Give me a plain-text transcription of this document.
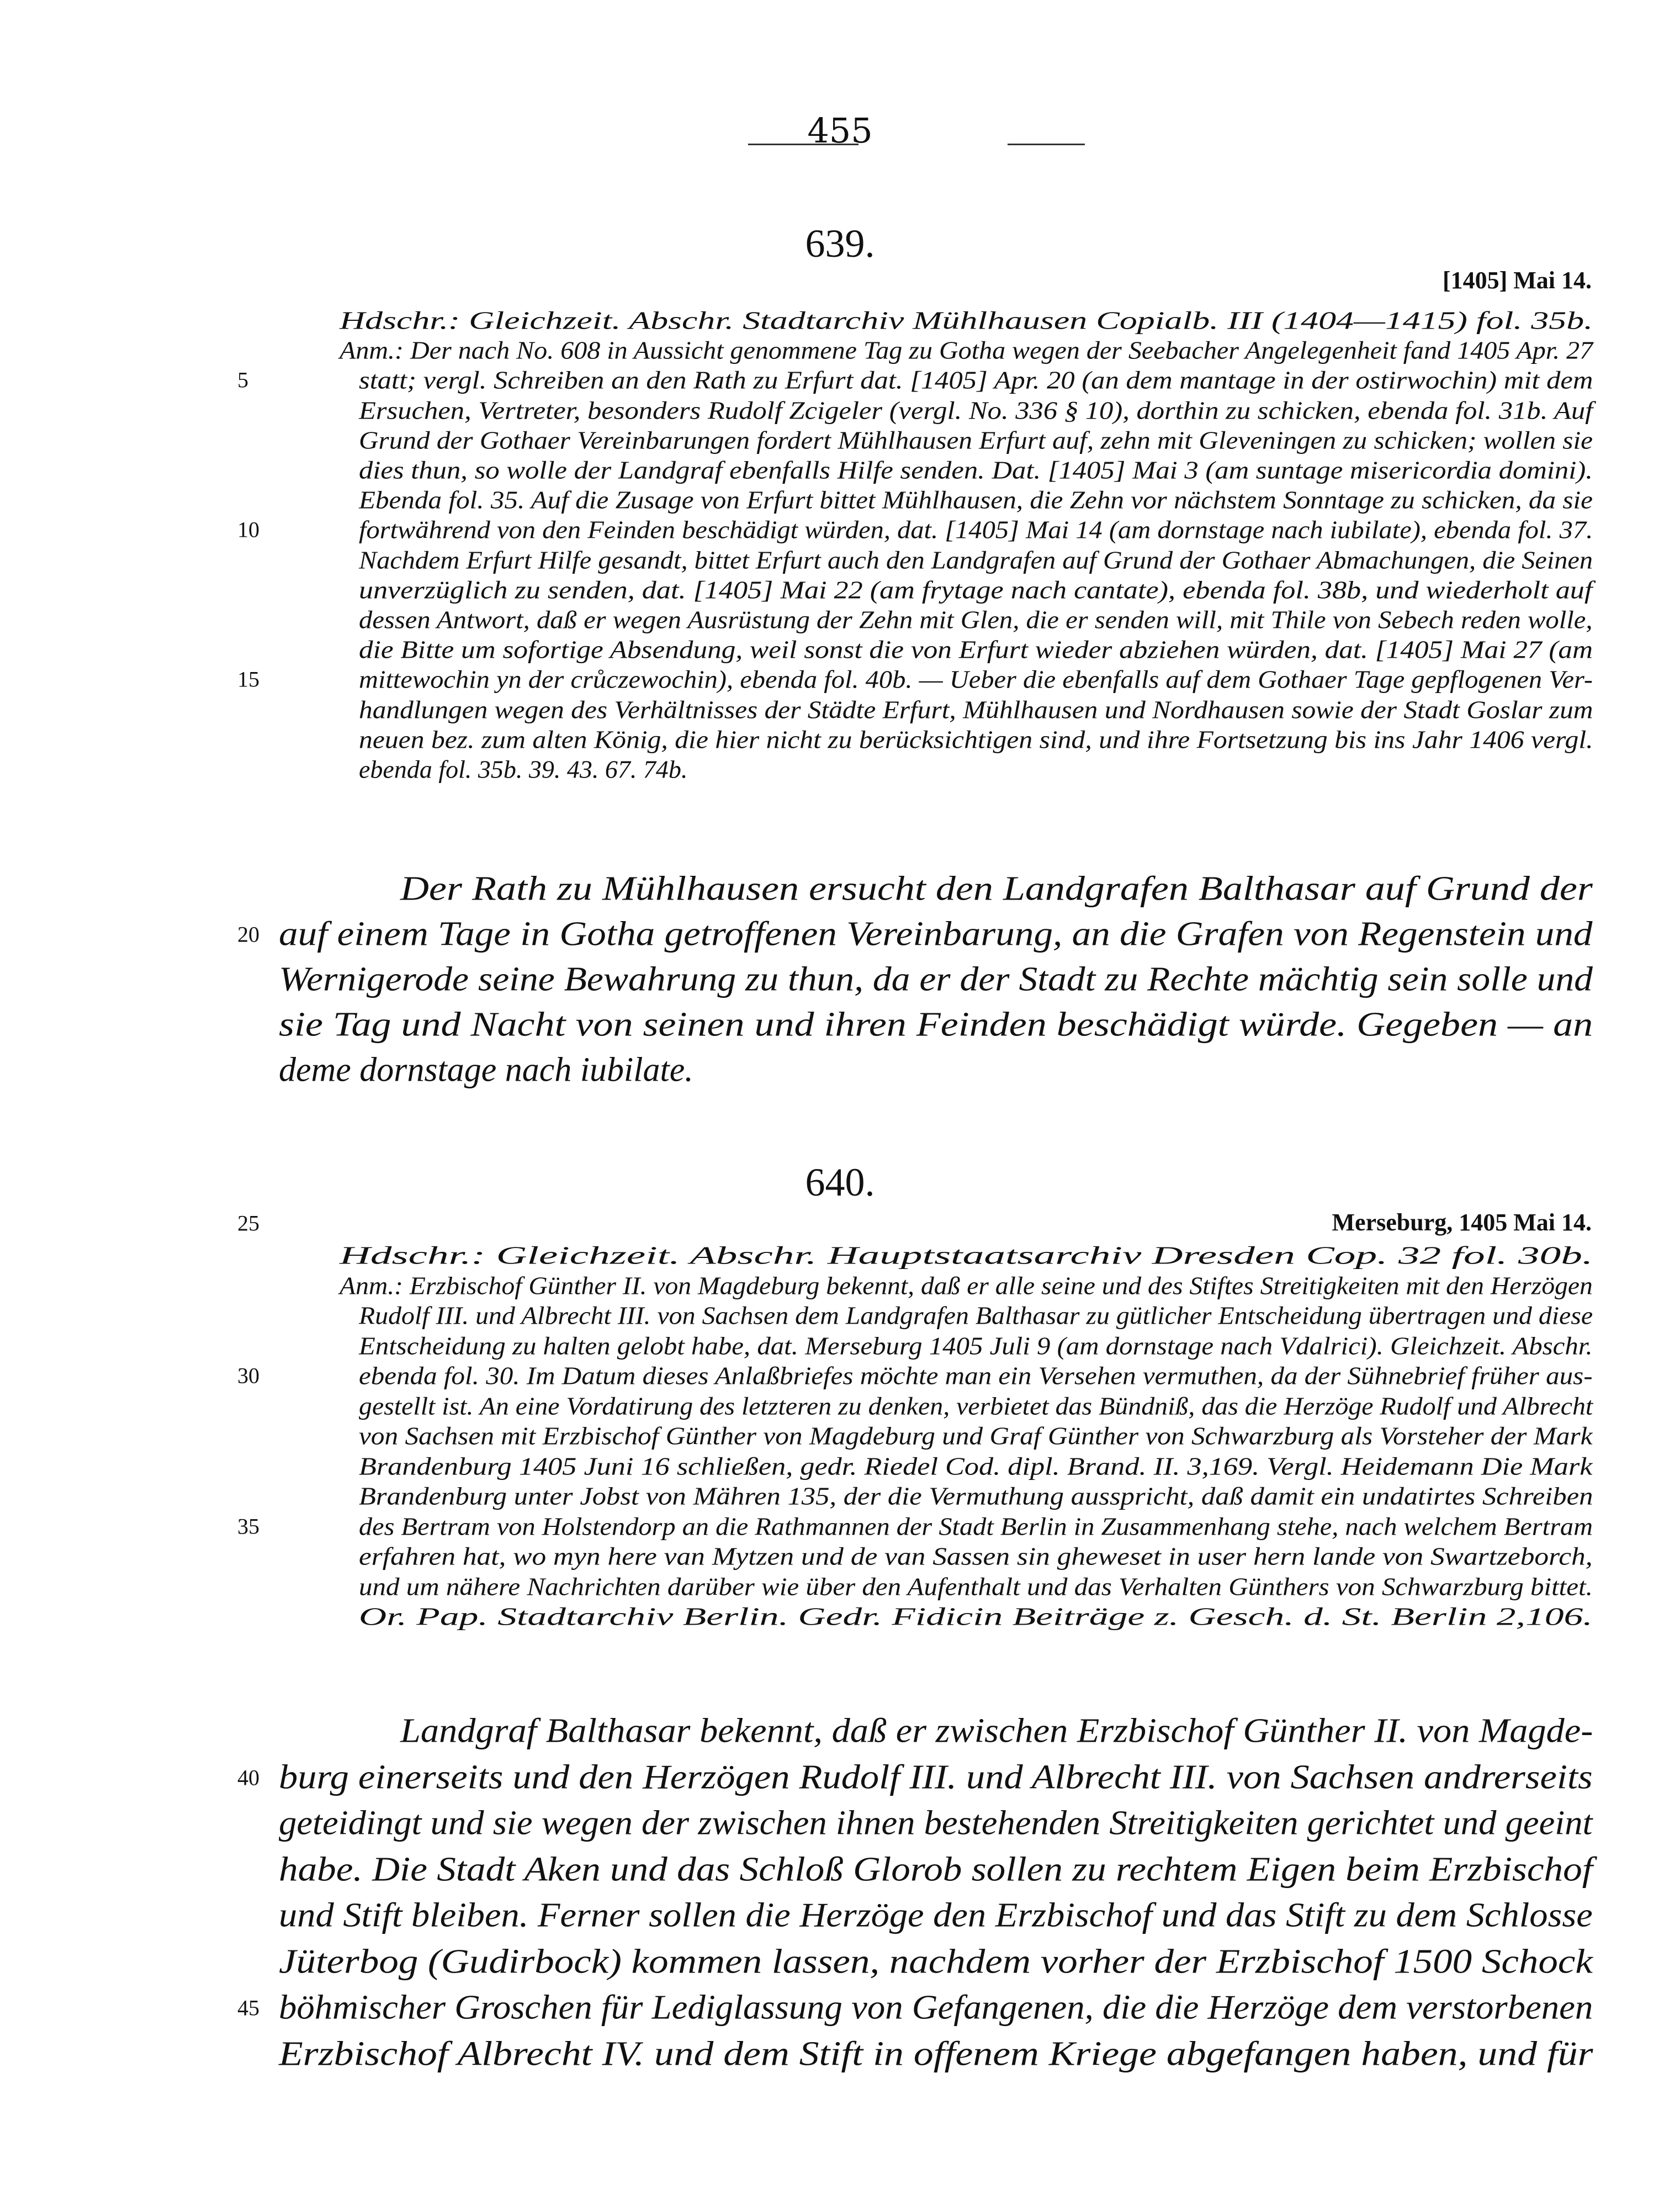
455
639.
[1405] Mai 14.
Hdschr.: Gleichzeit. Abschr. Stadtarchiv Mühlhausen Copialb. III (1404—1415) fol. 35b.
Anm.: Der nach No. 608 in Aussicht genommene Tag zu Gotha wegen der Seebacher Angelegenheit fand 1405 Apr. 27
5	statt; vergl. Schreiben an den Rath zu Erfurt dat. [1405] Apr. 20 (an dem mantage in der ostirwochin) mit dem
Ersuchen, Vertreter, besonders Rudolf Zcigeler (vergl. No. 336 § 10), dorthin zu schicken, ebenda fol. 31b. Auf
Grund der Gothaer Vereinbarungen fordert Mühlhausen Erfurt auf, zehn mit Gleveningen zu schicken; wollen sie
dies thun, so wolle der Landgraf ebenfalls Hilfe senden. Dat. [1405] Mai 3 (am suntage misericordia domini).
Ebenda fol. 35. Auf die Zusage von Erfurt bittet Mühlhausen, die Zehn vor nächstem Sonntage zu schicken, da sie
10	fortwährend von den Feinden beschädigt würden, dat. [1405] Mai 14 (am dornstage nach iubilate), ebenda fol. 37.
Nachdem Erfurt Hilfe gesandt, bittet Erfurt auch den Landgrafen auf Grund der Gothaer Abmachungen, die Seinen
unverzüglich zu senden, dat. [1405] Mai 22 (am frytage nach cantate), ebenda fol. 38b, und wiederholt auf
dessen Antwort, daß er wegen Ausrüstung der Zehn mit Glen, die er senden will, mit Thile von Sebech reden wolle,
die Bitte um sofortige Absendung, weil sonst die von Erfurt wieder abziehen würden, dat. [1405] Mai 27 (am
15	mittewochin yn der crůczewochin), ebenda fol. 40b. — Ueber die ebenfalls auf dem Gothaer Tage gepflogenen Ver-
handlungen wegen des Verhältnisses der Städte Erfurt, Mühlhausen und Nordhausen sowie der Stadt Goslar zum
neuen bez. zum alten König, die hier nicht zu berücksichtigen sind, und ihre Fortsetzung bis ins Jahr 1406 vergl.
ebenda fol. 35b. 39. 43. 67. 74b.
Der Rath zu Mühlhausen ersucht den Landgrafen Balthasar auf Grund der
20 auf einem Tage in Gotha getroffenen Vereinbarung, an die Grafen von Regenstein und
Wernigerode seine Bewahrung zu thun, da er der Stadt zu Rechte mächtig sein solle und
sie Tag und Nacht von seinen und ihren Feinden beschädigt würde. Gegeben — an
deme dornstage nach iubilate.
640.
25	Merseburg, 1405 Mai 14.
Hdschr.: Gleichzeit. Abschr. Hauptstaatsarchiv Dresden Cop. 32 fol. 30b.
Anm.: Erzbischof Günther II. von Magdeburg bekennt, daß er alle seine und des Stiftes Streitigkeiten mit den Herzögen
Rudolf III. und Albrecht III. von Sachsen dem Landgrafen Balthasar zu gütlicher Entscheidung übertragen und diese
Entscheidung zu halten gelobt habe, dat. Merseburg 1405 Juli 9 (am dornstage nach Vdalrici). Gleichzeit. Abschr.
30	ebenda fol. 30. Im Datum dieses Anlaßbriefes möchte man ein Versehen vermuthen, da der Sühnebrief früher aus-
gestellt ist. An eine Vordatirung des letzteren zu denken, verbietet das Bündniß, das die Herzöge Rudolf und Albrecht
von Sachsen mit Erzbischof Günther von Magdeburg und Graf Günther von Schwarzburg als Vorsteher der Mark
Brandenburg 1405 Juni 16 schließen, gedr. Riedel Cod. dipl. Brand. II. 3,169. Vergl. Heidemann Die Mark
Brandenburg unter Jobst von Mähren 135, der die Vermuthung ausspricht, daß damit ein undatirtes Schreiben
35	des Bertram von Holstendorp an die Rathmannen der Stadt Berlin in Zusammenhang stehe, nach welchem Bertram
erfahren hat, wo myn here van Mytzen und de van Sassen sin gheweset in user hern lande von Swartzeborch,
und um nähere Nachrichten darüber wie über den Aufenthalt und das Verhalten Günthers von Schwarzburg bittet.
Or. Pap. Stadtarchiv Berlin. Gedr. Fidicin Beiträge z. Gesch. d. St. Berlin 2,106.
Landgraf Balthasar bekennt, daß er zwischen Erzbischof Günther II. von Magde-
40 burg einerseits und den Herzögen Rudolf III. und Albrecht III. von Sachsen andrerseits
geteidingt und sie wegen der zwischen ihnen bestehenden Streitigkeiten gerichtet und geeint
habe. Die Stadt Aken und das Schloß Glorob sollen zu rechtem Eigen beim Erzbischof
und Stift bleiben. Ferner sollen die Herzöge den Erzbischof und das Stift zu dem Schlosse
Jüterbog (Gudirbock) kommen lassen, nachdem vorher der Erzbischof 1500 Schock
45 böhmischer Groschen für Lediglassung von Gefangenen, die die Herzöge dem verstorbenen
Erzbischof Albrecht IV. und dem Stift in offenem Kriege abgefangen haben, und für
